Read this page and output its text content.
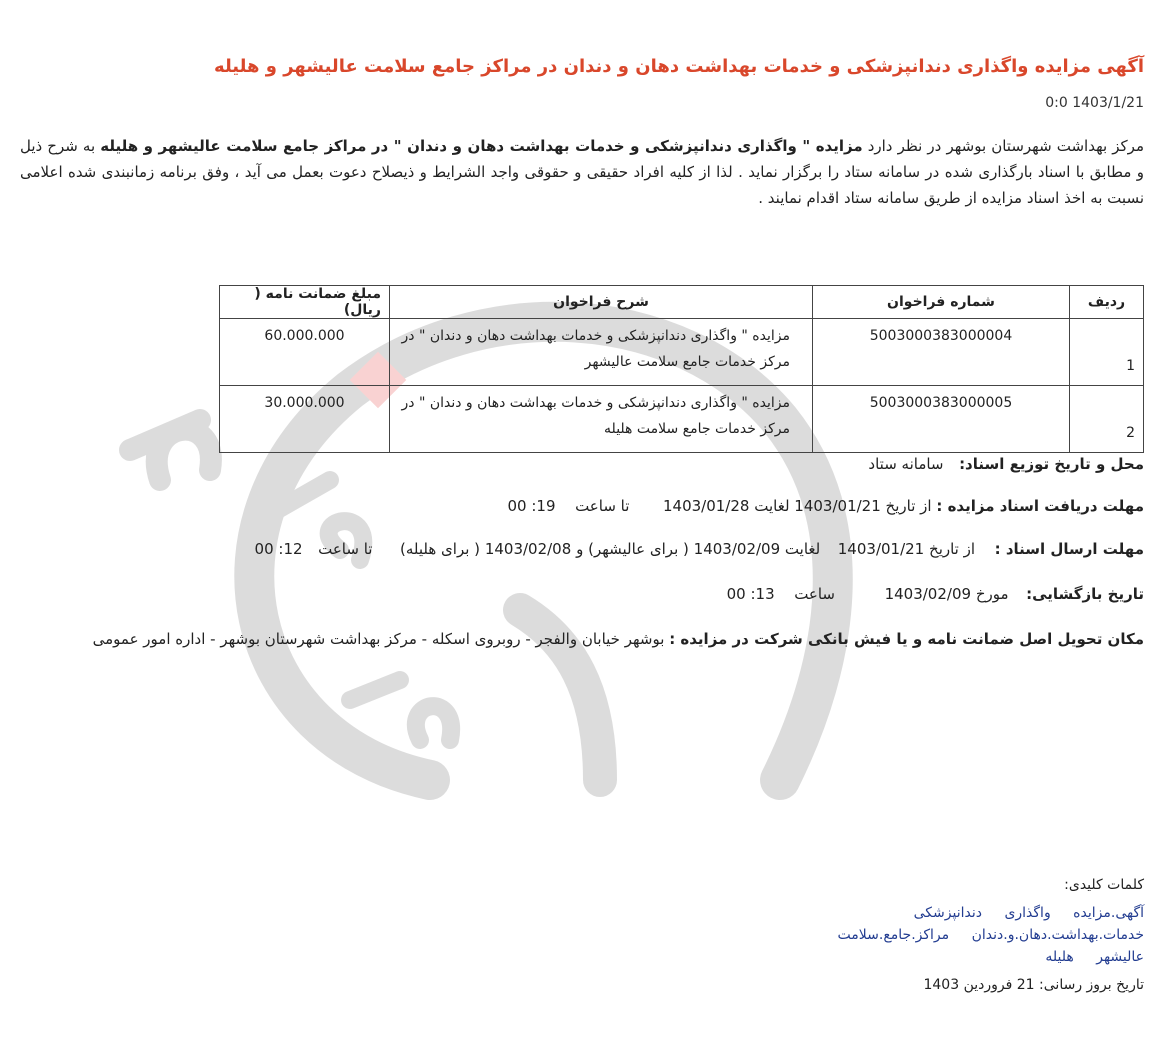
آگهی مزایده واگذاری دندانپزشکی و خدمات بهداشت دهان و دندان در مراکز جامع سلامت عالیشهر و هلیله
0:0 1403/1/21

مرکز بهداشت شهرستان بوشهر در نظر دارد مزایده " واگذاری دندانپزشکی و خدمات بهداشت دهان و دندان " در مراکز جامع سلامت عالیشهر و هلیله به شرح ذیل و مطابق با اسناد بارگذاری شده در سامانه ستاد را برگزار نماید . لذا از کلیه افراد حقیقی و حقوقی واجد الشرایط و ذیصلاح دعوت بعمل می آید ، وفق برنامه زمانبندی شده اعلامی نسبت به اخذ اسناد مزایده از طریق سامانه ستاد اقدام نمایند .

ردیف	شماره فراخوان	شرح فراخوان	مبلغ ضمانت نامه ( ریال)
1	5003000383000004	مزایده " واگذاری دندانپزشکی و خدمات بهداشت دهان و دندان " در مرکز خدمات جامع سلامت عالیشهر	60.000.000
2	5003000383000005	مزایده " واگذاری دندانپزشکی و خدمات بهداشت دهان و دندان " در مرکز خدمات جامع سلامت هلیله	30.000.000
محل و تاریخ توزیع اسناد:  سامانه ستاد
مهلت دریافت اسناد مزایده : از تاریخ 1403/01/21 لغایت 1403/01/28  تا ساعت  00 :19
مهلت ارسال اسناد :  از تاریخ 1403/01/21  لغایت 1403/02/09 ( برای عالیشهر) و 1403/02/08 ( برای هلیله)  تا ساعت  00 :12
تاریخ بازگشایی:  مورخ 1403/02/09  ساعت  00 :13
مکان تحویل اصل ضمانت نامه و یا فیش بانکی شرکت در مزایده : بوشهر خیابان والفجر - روبروی اسکله - مرکز بهداشت شهرستان بوشهر - اداره امور عمومی
کلمات کلیدی:
آگهی.مزایده واگذاری دندانپزشکی خدمات.بهداشت.دهان.و.دندان مراکز.جامع.سلامت عالیشهر هلیله
تاریخ بروز رسانی: 21 فروردین 1403
